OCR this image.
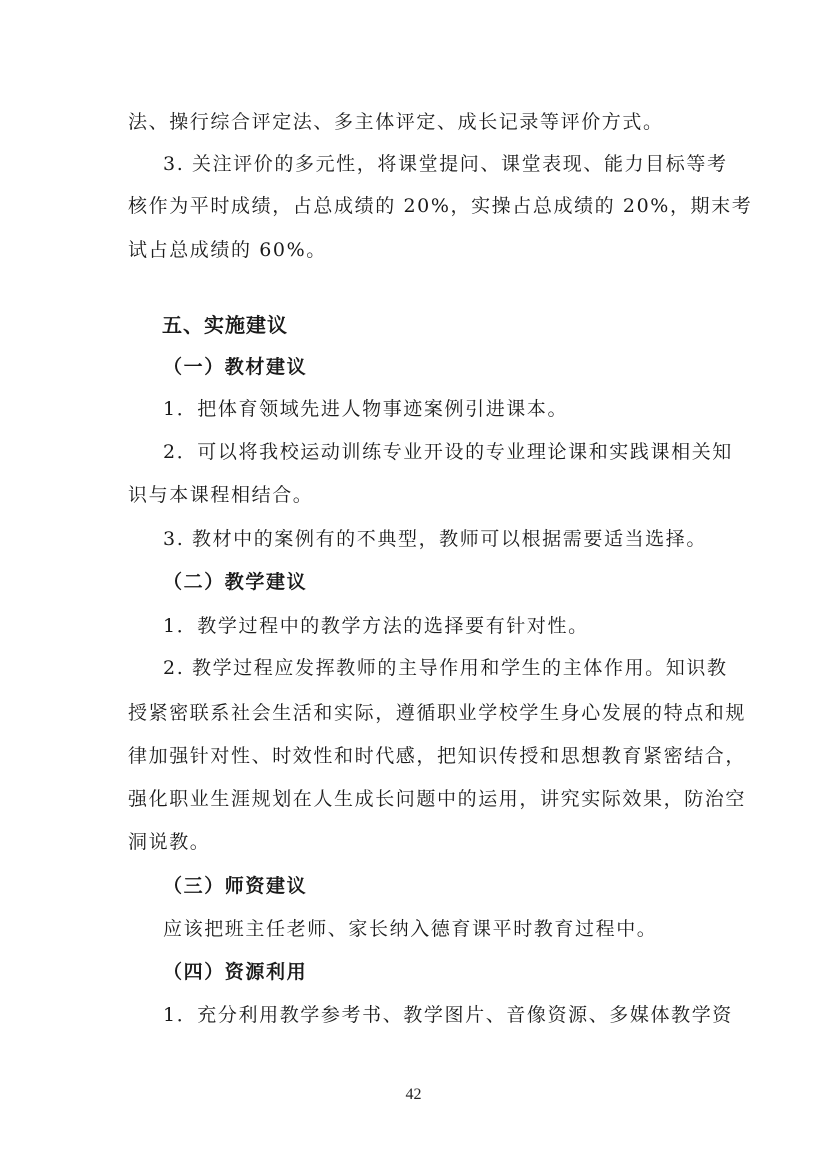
法、操行综合评定法、多主体评定、成长记录等评价方式。
3. 关注评价的多元性，将课堂提问、课堂表现、能力目标等考
核作为平时成绩，占总成绩的 20%，实操占总成绩的 20%，期末考
试占总成绩的 60%。
五、实施建议
（一）教材建议
1．把体育领域先进人物事迹案例引进课本。
2．可以将我校运动训练专业开设的专业理论课和实践课相关知
识与本课程相结合。
3. 教材中的案例有的不典型，教师可以根据需要适当选择。
（二）教学建议
1．教学过程中的教学方法的选择要有针对性。
2. 教学过程应发挥教师的主导作用和学生的主体作用。知识教
授紧密联系社会生活和实际，遵循职业学校学生身心发展的特点和规
律加强针对性、时效性和时代感，把知识传授和思想教育紧密结合，
强化职业生涯规划在人生成长问题中的运用，讲究实际效果，防治空
洞说教。
（三）师资建议
应该把班主任老师、家长纳入德育课平时教育过程中。
（四）资源利用
1．充分利用教学参考书、教学图片、音像资源、多媒体教学资
42
